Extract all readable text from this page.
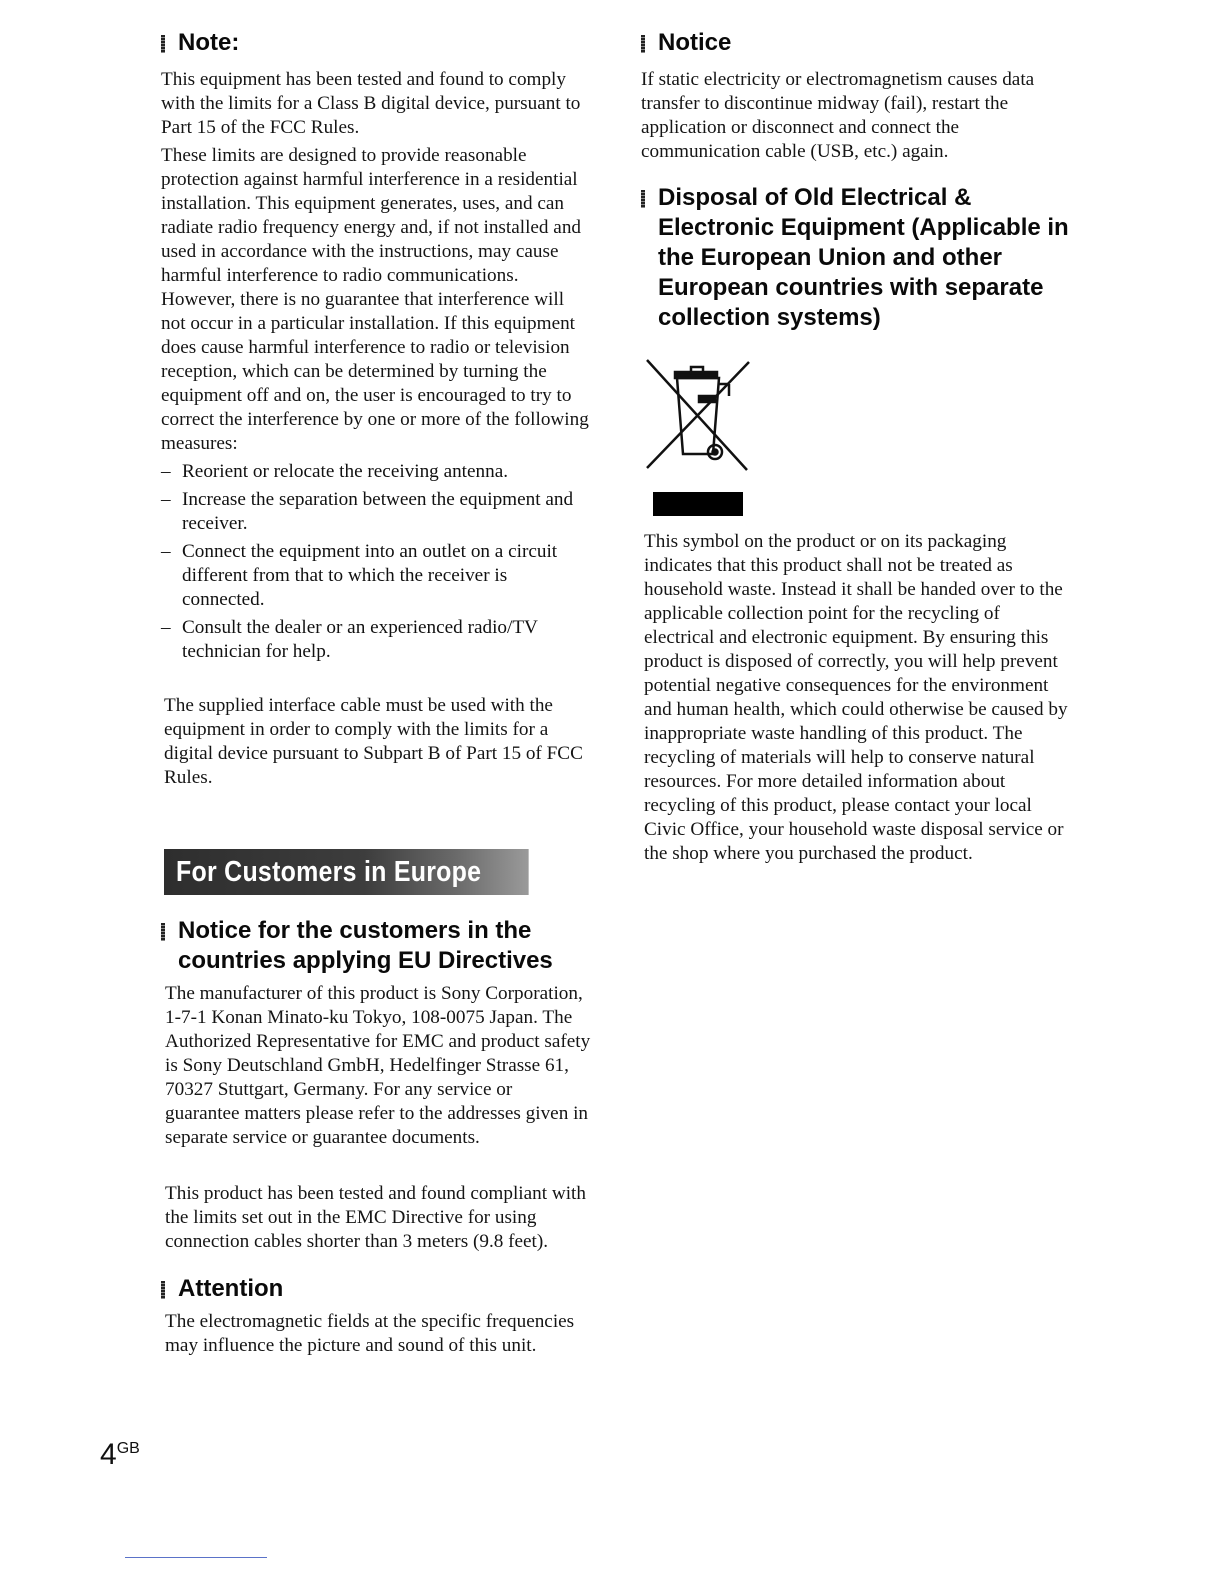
Note:

This equipment has been tested and found to comply with the limits for a Class B digital device, pursuant to Part 15 of the FCC Rules.

These limits are designed to provide reasonable protection against harmful interference in a residential installation. This equipment generates, uses, and can radiate radio frequency energy and, if not installed and used in accordance with the instructions, may cause harmful interference to radio communications. However, there is no guarantee that interference will not occur in a particular installation. If this equipment does cause harmful interference to radio or television reception, which can be determined by turning the equipment off and on, the user is encouraged to try to correct the interference by one or more of the following measures:

– Reorient or relocate the receiving antenna.
– Increase the separation between the equipment and receiver.
– Connect the equipment into an outlet on a circuit different from that to which the receiver is connected.
– Consult the dealer or an experienced radio/TV technician for help.

The supplied interface cable must be used with the equipment in order to comply with the limits for a digital device pursuant to Subpart B of Part 15 of FCC Rules.

For Customers in Europe
Notice for the customers in the countries applying EU Directives

The manufacturer of this product is Sony Corporation, 1-7-1 Konan Minato-ku Tokyo, 108-0075 Japan. The Authorized Representative for EMC and product safety is Sony Deutschland GmbH, Hedelfinger Strasse 61, 70327 Stuttgart, Germany. For any service or guarantee matters please refer to the addresses given in separate service or guarantee documents.

This product has been tested and found compliant with the limits set out in the EMC Directive for using connection cables shorter than 3 meters (9.8 feet).

Attention

The electromagnetic fields at the specific frequencies may influence the picture and sound of this unit.

Notice

If static electricity or electromagnetism causes data transfer to discontinue midway (fail), restart the application or disconnect and connect the communication cable (USB, etc.) again.

Disposal of Old Electrical & Electronic Equipment (Applicable in the European Union and other European countries with separate collection systems)

This symbol on the product or on its packaging indicates that this product shall not be treated as household waste. Instead it shall be handed over to the applicable collection point for the recycling of electrical and electronic equipment. By ensuring this product is disposed of correctly, you will help prevent potential negative consequences for the environment and human health, which could otherwise be caused by inappropriate waste handling of this product. The recycling of materials will help to conserve natural resources. For more detailed information about recycling of this product, please contact your local Civic Office, your household waste disposal service or the shop where you purchased the product.

$4^{GB}$
